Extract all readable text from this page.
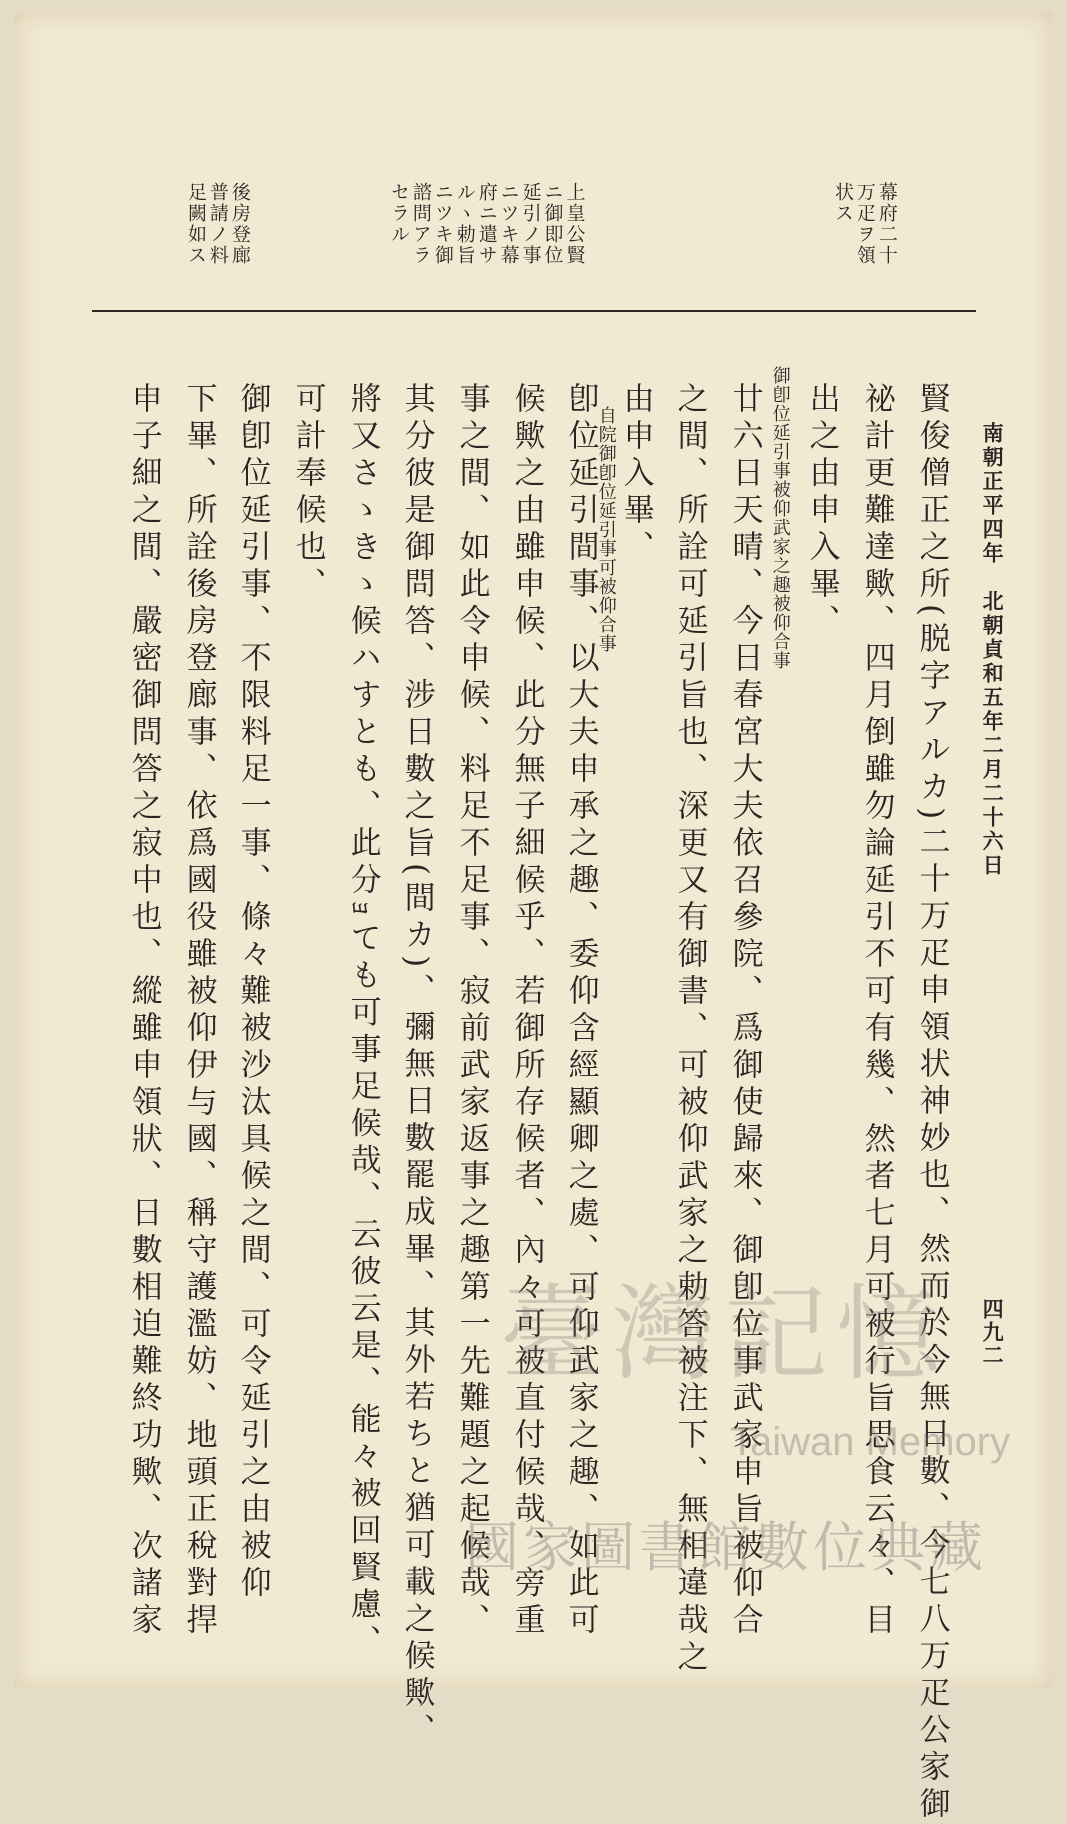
南朝正平四年　北朝貞和五年二月二十六日
四九二
幕府二十
万疋ヲ領
状ス
上皇公賢
ニ御即位
延引ノ事
ニツキ幕
府ニ遣サ
ルヽ勅旨
ニツキ御
諮問アラ
セラル
後房登廊
普請ノ料
足闕如ス
賢俊僧正之所(脱字アルカ)二十万疋申領状神妙也、然而於今無日數、今七八万疋公家御
祕計更難達歟、四月倒雖勿論延引不可有幾、然者七月可被行旨思食云々、目
出之由申入畢、
御卽位延引事被仰武家之趣被仰合事
廿六日天晴、今日春宮大夫依召參院、爲御使歸來、御卽位事武家申旨被仰合
之間、所詮可延引旨也、深更又有御書、可被仰武家之勅答被注下、無相違哉之
由申入畢、
自院御卽位延引事可被仰合事
卽位延引間事、以大夫申承之趣、委仰含經顯卿之處、可仰武家之趣、如此可
候歟之由雖申候、此分無子細候乎、若御所存候者、內々可被直付候哉、旁重
事之間、如此令申候、料足不足事、寂前武家返事之趣第一先難題之起候哉、
其分彼是御問答、涉日數之旨(間カ)、彌無日數罷成畢、其外若ちと猶可載之候歟、
將又さゝきゝ候ハすとも、此分ｮても可事足候哉、云彼云是、能々被回賢慮、
可計奉候也、
御卽位延引事、不限料足一事、條々難被沙汰具候之間、可令延引之由被仰
下畢、所詮後房登廊事、依爲國役雖被仰伊与國、稱守護濫妨、地頭正稅對捍
申子細之間、嚴密御問答之寂中也、縱雖申領狀、日數相迫難終功歟、次諸家	臺灣記憶
Taiwan Memory
國家圖書館數位典藏
